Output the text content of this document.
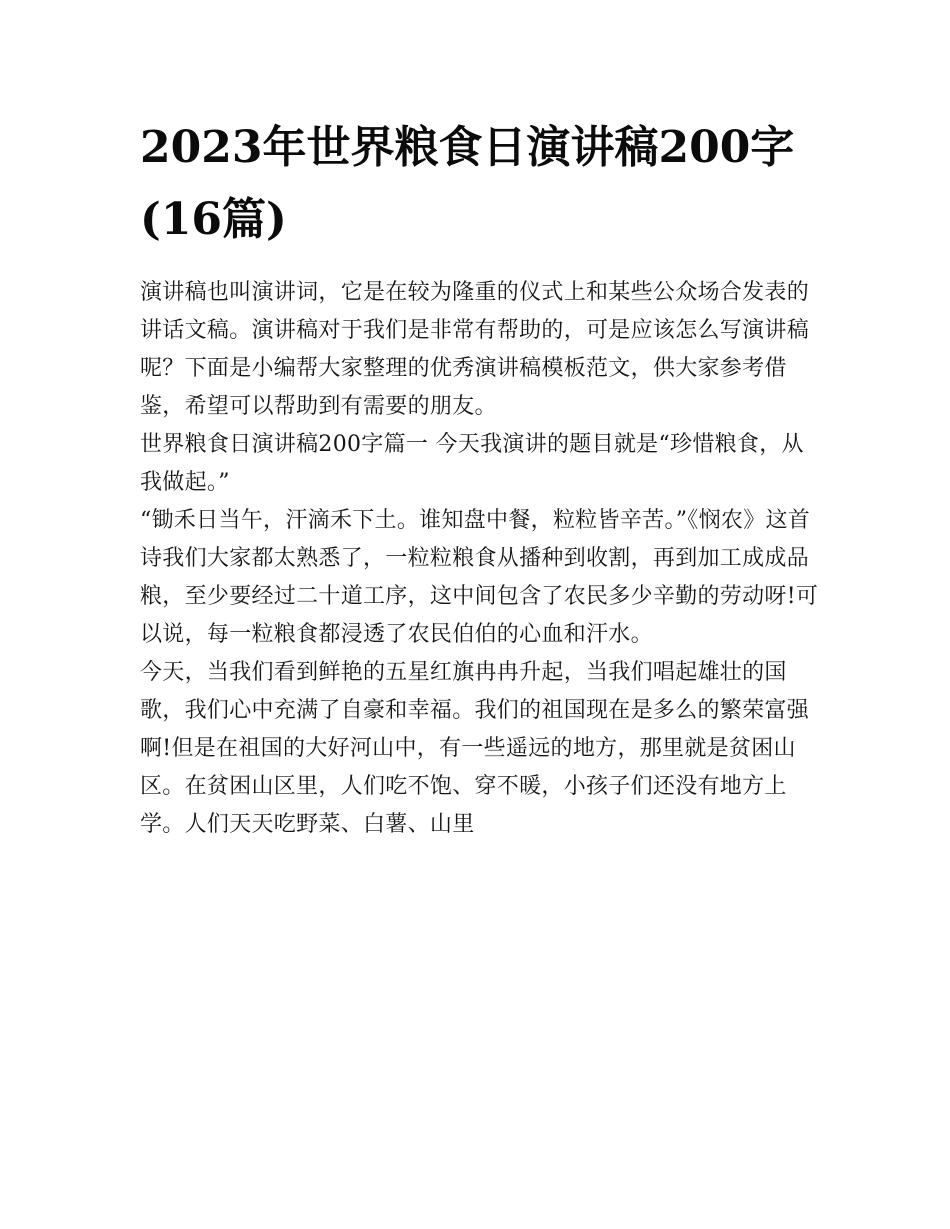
2023年世界粮食日演讲稿200字(16篇)

演讲稿也叫演讲词，它是在较为隆重的仪式上和某些公众场合发表的讲话文稿。演讲稿对于我们是非常有帮助的，可是应该怎么写演讲稿呢？下面是小编帮大家整理的优秀演讲稿模板范文，供大家参考借鉴，希望可以帮助到有需要的朋友。

世界粮食日演讲稿200字篇一 今天我演讲的题目就是“珍惜粮食，从我做起。”

“锄禾日当午，汗滴禾下土。谁知盘中餐，粒粒皆辛苦。”《悯农》这首诗我们大家都太熟悉了，一粒粒粮食从播种到收割，再到加工成成品粮，至少要经过二十道工序，这中间包含了农民多少辛勤的劳动呀!可以说，每一粒粮食都浸透了农民伯伯的心血和汗水。

今天，当我们看到鲜艳的五星红旗冉冉升起，当我们唱起雄壮的国歌，我们心中充满了自豪和幸福。我们的祖国现在是多么的繁荣富强啊!但是在祖国的大好河山中，有一些遥远的地方，那里就是贫困山区。在贫困山区里，人们吃不饱、穿不暖，小孩子们还没有地方上学。人们天天吃野菜、白薯、山里
